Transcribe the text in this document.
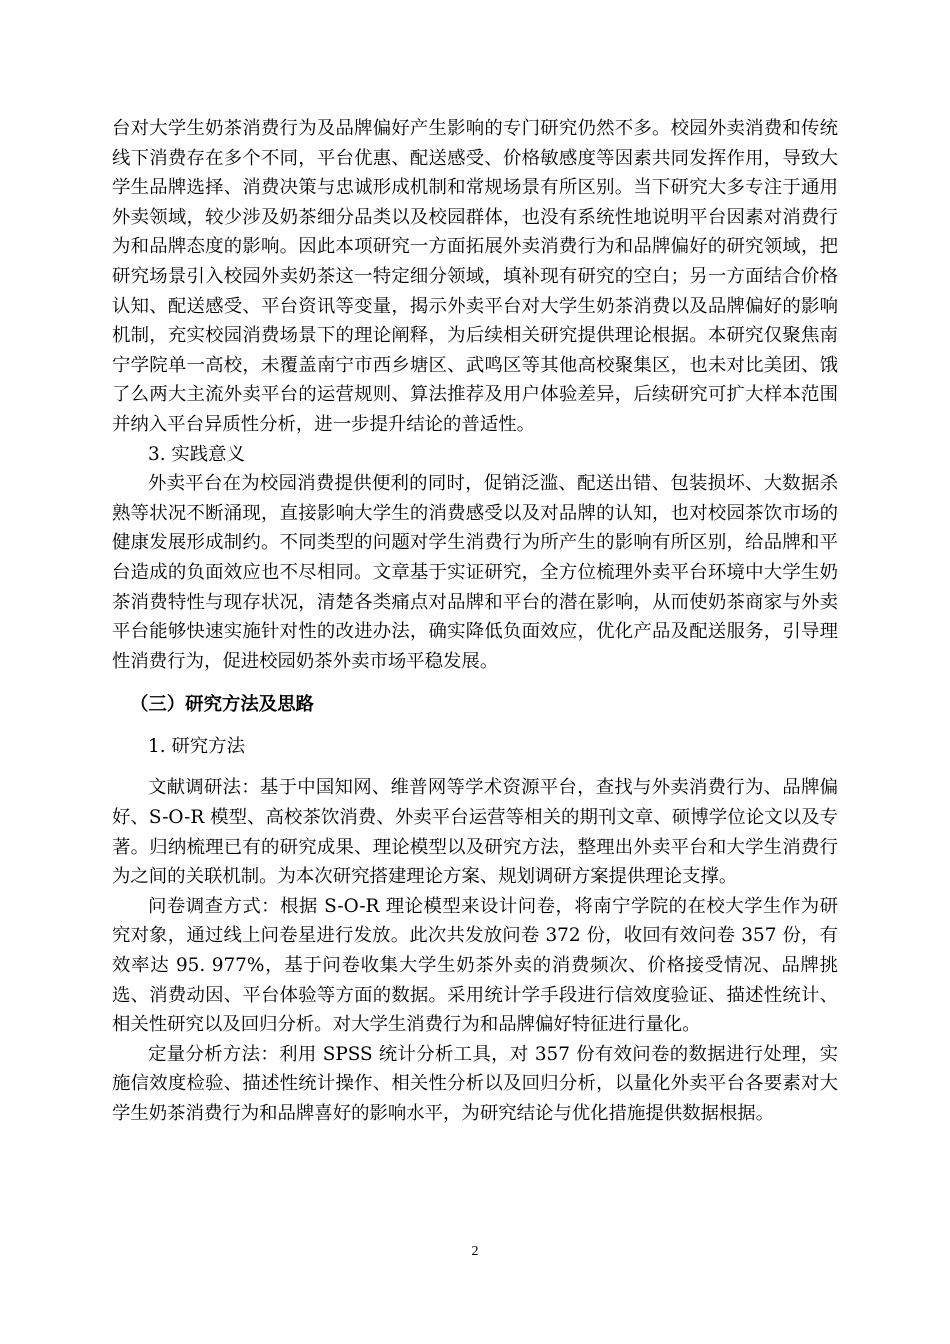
台对大学生奶茶消费行为及品牌偏好产生影响的专门研究仍然不多。校园外卖消费和传统线下消费存在多个不同，平台优惠、配送感受、价格敏感度等因素共同发挥作用，导致大学生品牌选择、消费决策与忠诚形成机制和常规场景有所区别。当下研究大多专注于通用外卖领域，较少涉及奶茶细分品类以及校园群体，也没有系统性地说明平台因素对消费行为和品牌态度的影响。因此本项研究一方面拓展外卖消费行为和品牌偏好的研究领域，把研究场景引入校园外卖奶茶这一特定细分领域，填补现有研究的空白；另一方面结合价格认知、配送感受、平台资讯等变量，揭示外卖平台对大学生奶茶消费以及品牌偏好的影响机制，充实校园消费场景下的理论阐释，为后续相关研究提供理论根据。本研究仅聚焦南宁学院单一高校，未覆盖南宁市西乡塘区、武鸣区等其他高校聚集区，也未对比美团、饿了么两大主流外卖平台的运营规则、算法推荐及用户体验差异，后续研究可扩大样本范围并纳入平台异质性分析，进一步提升结论的普适性。

3. 实践意义

外卖平台在为校园消费提供便利的同时，促销泛滥、配送出错、包装损坏、大数据杀熟等状况不断涌现，直接影响大学生的消费感受以及对品牌的认知，也对校园茶饮市场的健康发展形成制约。不同类型的问题对学生消费行为所产生的影响有所区别，给品牌和平台造成的负面效应也不尽相同。文章基于实证研究，全方位梳理外卖平台环境中大学生奶茶消费特性与现存状况，清楚各类痛点对品牌和平台的潜在影响，从而使奶茶商家与外卖平台能够快速实施针对性的改进办法，确实降低负面效应，优化产品及配送服务，引导理性消费行为，促进校园奶茶外卖市场平稳发展。

（三）研究方法及思路

1. 研究方法

文献调研法：基于中国知网、维普网等学术资源平台，查找与外卖消费行为、品牌偏好、S-O-R 模型、高校茶饮消费、外卖平台运营等相关的期刊文章、硕博学位论文以及专著。归纳梳理已有的研究成果、理论模型以及研究方法，整理出外卖平台和大学生消费行为之间的关联机制。为本次研究搭建理论方案、规划调研方案提供理论支撑。

问卷调查方式：根据 S-O-R 理论模型来设计问卷，将南宁学院的在校大学生作为研究对象，通过线上问卷星进行发放。此次共发放问卷 372 份，收回有效问卷 357 份，有效率达 95. 977%，基于问卷收集大学生奶茶外卖的消费频次、价格接受情况、品牌挑选、消费动因、平台体验等方面的数据。采用统计学手段进行信效度验证、描述性统计、相关性研究以及回归分析。对大学生消费行为和品牌偏好特征进行量化。

定量分析方法：利用 SPSS 统计分析工具，对 357 份有效问卷的数据进行处理，实施信效度检验、描述性统计操作、相关性分析以及回归分析，以量化外卖平台各要素对大学生奶茶消费行为和品牌喜好的影响水平，为研究结论与优化措施提供数据根据。

2
